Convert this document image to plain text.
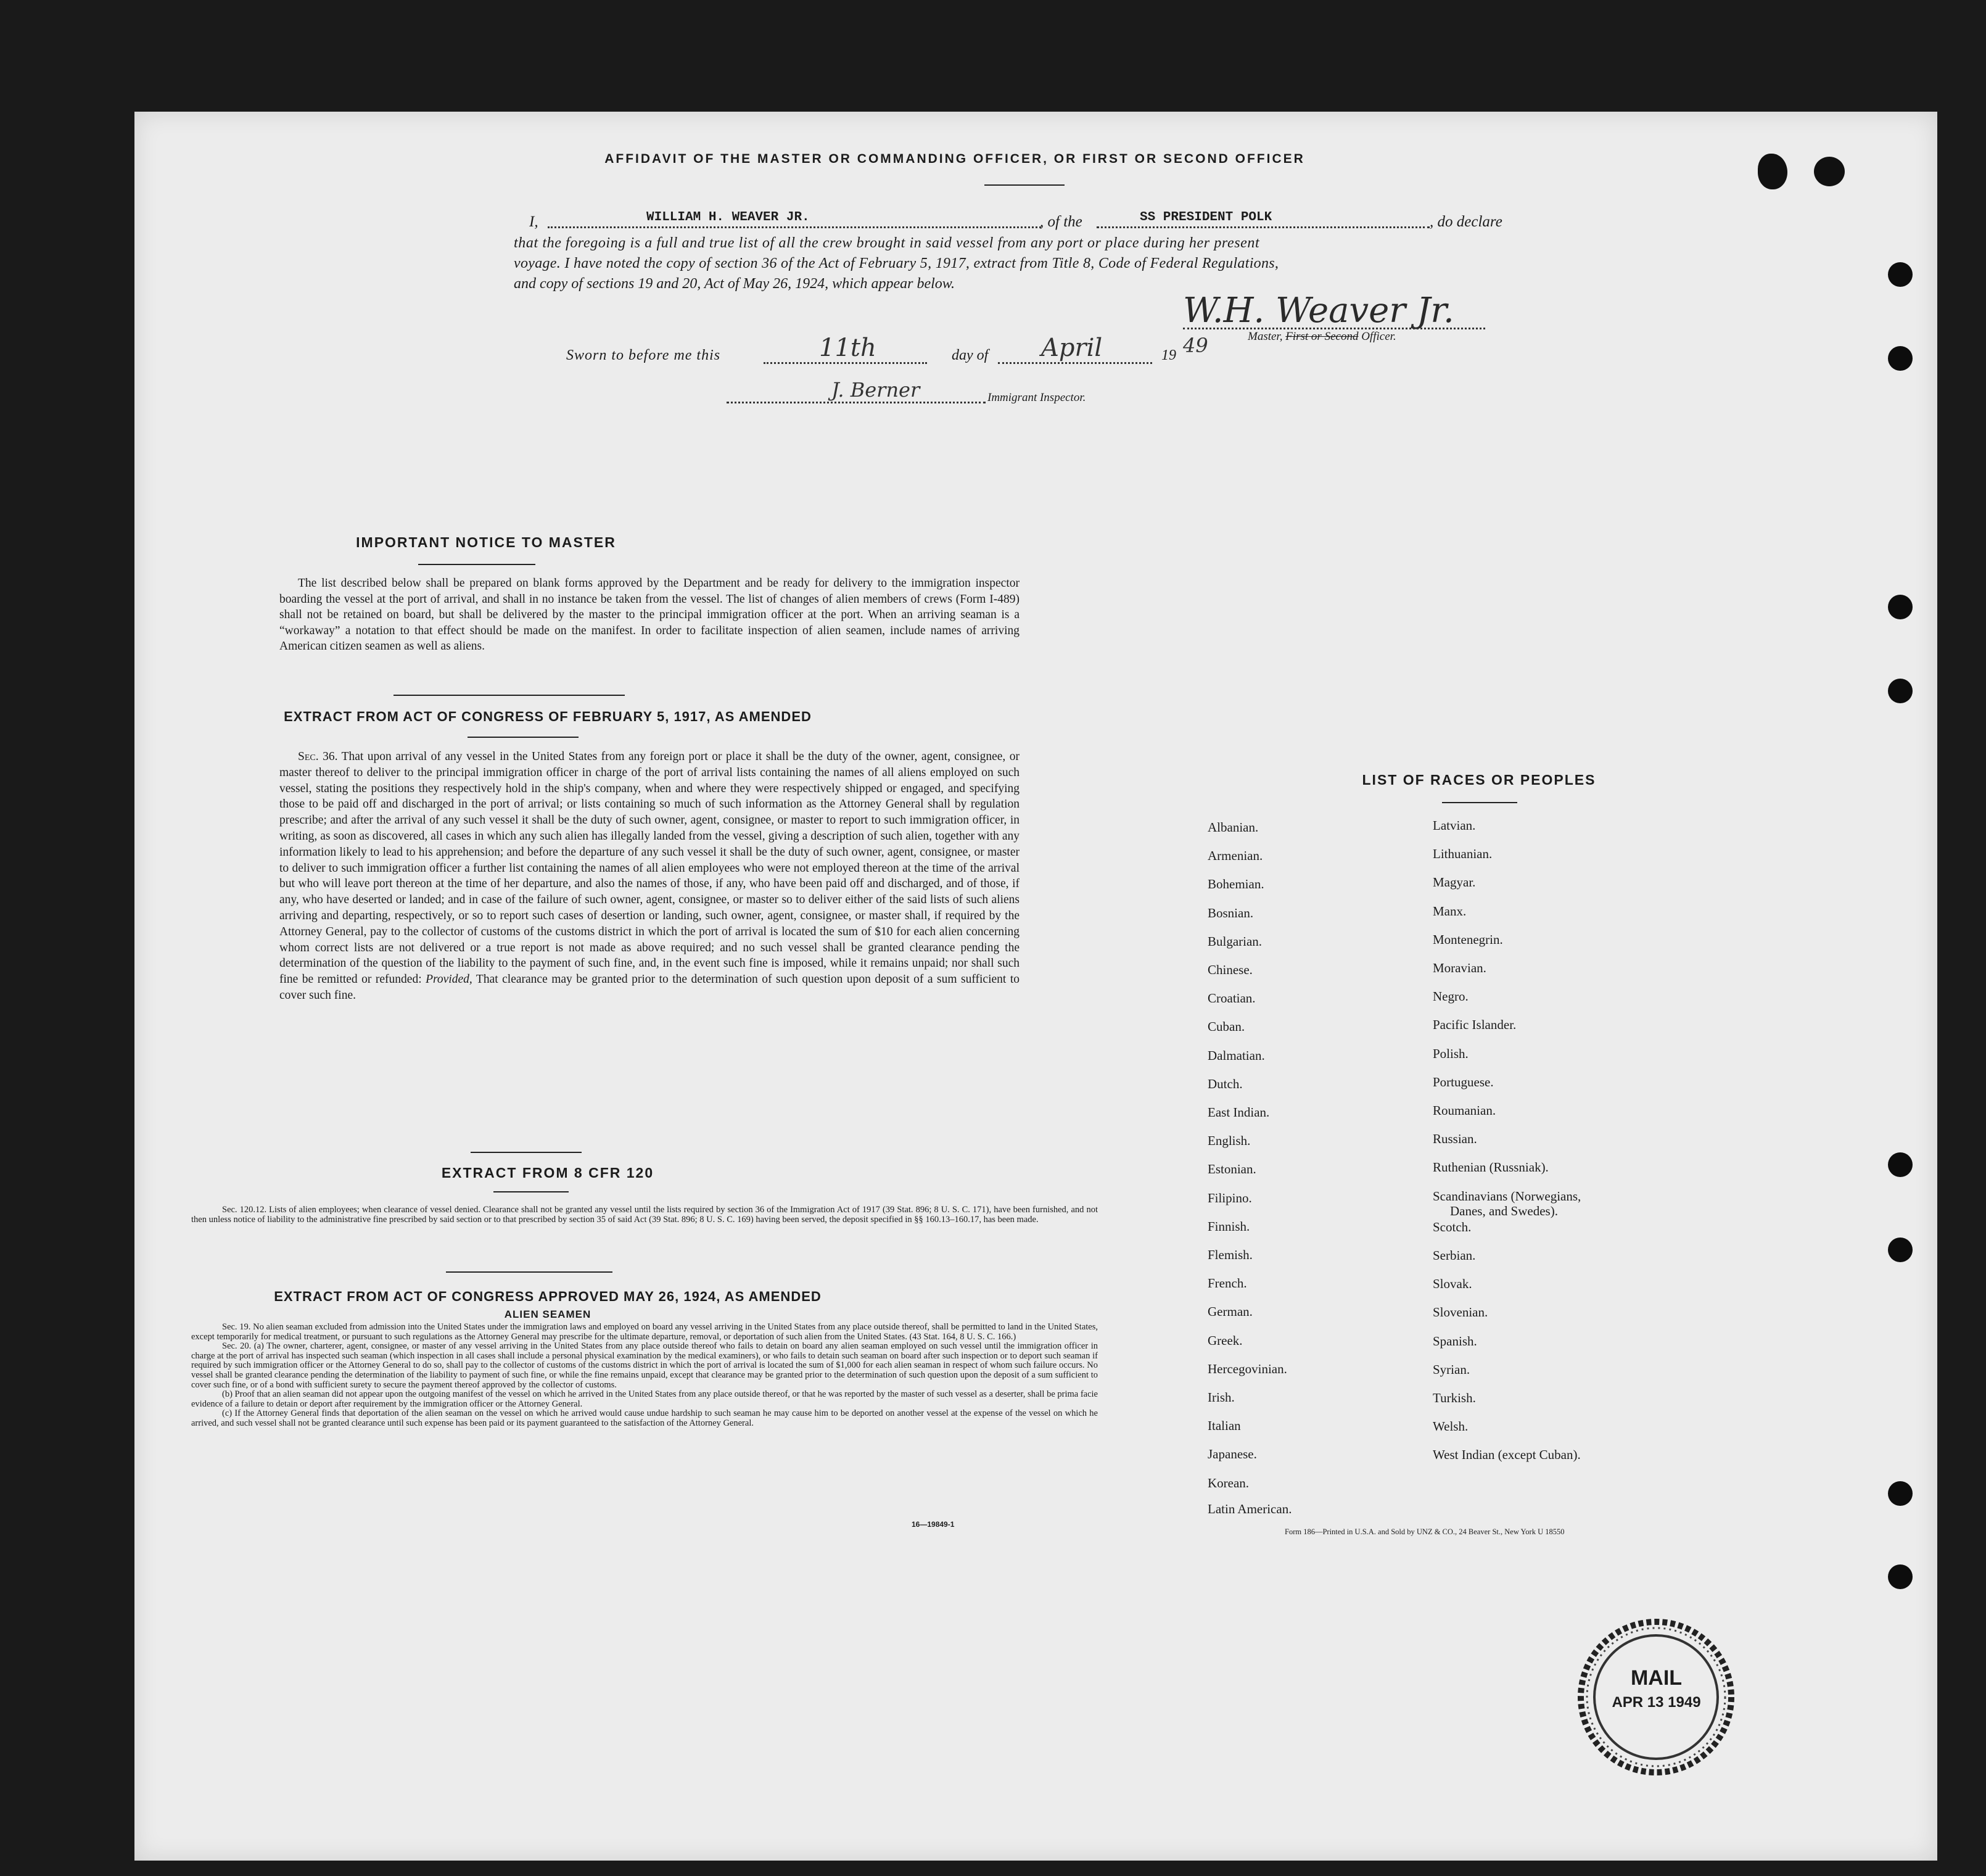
AFFIDAVIT OF THE MASTER OR COMMANDING OFFICER, OR FIRST OR SECOND OFFICER
I,	WILLIAM H. WEAVER JR.	, of the	SS PRESIDENT POLK	, do declare
that the foregoing is a full and true list of all the crew brought in said vessel from any port or place during her present
voyage. I have noted the copy of section 36 of the Act of February 5, 1917, extract from Title 8, Code of Federal Regulations,
and copy of sections 19 and 20, Act of May 26, 1924, which appear below.
W.H. Weaver Jr.
Master, First or Second Officer.
Sworn to before me this	11th	day of April	19 49
J. Berner	Immigrant Inspector.
IMPORTANT NOTICE TO MASTER
The list described below shall be prepared on blank forms approved by the Department and be ready for delivery to the immigration inspector boarding the vessel at the port of arrival, and shall in no instance be taken from the vessel. The list of changes of alien members of crews (Form I-489) shall not be retained on board, but shall be delivered by the master to the principal immigration officer at the port. When an arriving seaman is a “workaway” a notation to that effect should be made on the manifest. In order to facilitate inspection of alien seamen, include names of arriving American citizen seamen as well as aliens.
EXTRACT FROM ACT OF CONGRESS OF FEBRUARY 5, 1917, AS AMENDED
Sec. 36. That upon arrival of any vessel in the United States from any foreign port or place it shall be the duty of the owner, agent, consignee, or master thereof to deliver to the principal immigration officer in charge of the port of arrival lists containing the names of all aliens employed on such vessel, stating the positions they respectively hold in the ship's company, when and where they were respectively shipped or engaged, and specifying those to be paid off and discharged in the port of arrival; or lists containing so much of such information as the Attorney General shall by regulation prescribe; and after the arrival of any such vessel it shall be the duty of such owner, agent, consignee, or master to report to such immigration officer, in writing, as soon as discovered, all cases in which any such alien has illegally landed from the vessel, giving a description of such alien, together with any information likely to lead to his apprehension; and before the departure of any such vessel it shall be the duty of such owner, agent, consignee, or master to deliver to such immigration officer a further list containing the names of all alien employees who were not employed thereon at the time of the arrival but who will leave port thereon at the time of her departure, and also the names of those, if any, who have been paid off and discharged, and of those, if any, who have deserted or landed; and in case of the failure of such owner, agent, consignee, or master so to deliver either of the said lists of such aliens arriving and departing, respectively, or so to report such cases of desertion or landing, such owner, agent, consignee, or master shall, if required by the Attorney General, pay to the collector of customs of the customs district in which the port of arrival is located the sum of $10 for each alien concerning whom correct lists are not delivered or a true report is not made as above required; and no such vessel shall be granted clearance pending the determination of the question of the liability to the payment of such fine, and, in the event such fine is imposed, while it remains unpaid; nor shall such fine be remitted or refunded: Provided, That clearance may be granted prior to the determination of such question upon deposit of a sum sufficient to cover such fine.
EXTRACT FROM 8 CFR 120
Sec. 120.12. Lists of alien employees; when clearance of vessel denied. Clearance shall not be granted any vessel until the lists required by section 36 of the Immigration Act of 1917 (39 Stat. 896; 8 U. S. C. 171), have been furnished, and not then unless notice of liability to the administrative fine prescribed by said section or to that prescribed by section 35 of said Act (39 Stat. 896; 8 U. S. C. 169) having been served, the deposit specified in §§ 160.13–160.17, has been made.
EXTRACT FROM ACT OF CONGRESS APPROVED MAY 26, 1924, AS AMENDED
ALIEN SEAMEN
Sec. 19. No alien seaman excluded from admission into the United States under the immigration laws and employed on board any vessel arriving in the United States from any place outside thereof, shall be permitted to land in the United States, except temporarily for medical treatment, or pursuant to such regulations as the Attorney General may prescribe for the ultimate departure, removal, or deportation of such alien from the United States. (43 Stat. 164, 8 U. S. C. 166.)
Sec. 20. (a) The owner, charterer, agent, consignee, or master of any vessel arriving in the United States from any place outside thereof who fails to detain on board any alien seaman employed on such vessel until the immigration officer in charge at the port of arrival has inspected such seaman (which inspection in all cases shall include a personal physical examination by the medical examiners), or who fails to detain such seaman on board after such inspection or to deport such seaman if required by such immigration officer or the Attorney General to do so, shall pay to the collector of customs of the customs district in which the port of arrival is located the sum of $1,000 for each alien seaman in respect of whom such failure occurs. No vessel shall be granted clearance pending the determination of the liability to payment of such fine, or while the fine remains unpaid, except that clearance may be granted prior to the determination of such question upon the deposit of a sum sufficient to cover such fine, or of a bond with sufficient surety to secure the payment thereof approved by the collector of customs.
(b) Proof that an alien seaman did not appear upon the outgoing manifest of the vessel on which he arrived in the United States from any place outside thereof, or that he was reported by the master of such vessel as a deserter, shall be prima facie evidence of a failure to detain or deport after requirement by the immigration officer or the Attorney General.
(c) If the Attorney General finds that deportation of the alien seaman on the vessel on which he arrived would cause undue hardship to such seaman he may cause him to be deported on another vessel at the expense of the vessel on which he arrived, and such vessel shall not be granted clearance until such expense has been paid or its payment guaranteed to the satisfaction of the Attorney General.
16—19849-1
LIST OF RACES OR PEOPLES
Form 186—Printed in U.S.A. and Sold by UNZ & CO., 24 Beaver St., New York U 18550
MAIL
APR 13 1949
Albanian.
Armenian.
Bohemian.
Bosnian.
Bulgarian.
Chinese.
Croatian.
Cuban.
Dalmatian.
Dutch.
East Indian.
English.
Estonian.
Filipino.
Finnish.
Flemish.
French.
German.
Greek.
Hercegovinian.
Irish.
Italian
Japanese.
Korean.
Latin American.
Latvian.
Lithuanian.
Magyar.
Manx.
Montenegrin.
Moravian.
Negro.
Pacific Islander.
Polish.
Portuguese.
Roumanian.
Russian.
Ruthenian (Russniak).
Scandinavians (Norwegians,
Danes, and Swedes).
Scotch.
Serbian.
Slovak.
Slovenian.
Spanish.
Syrian.
Turkish.
Welsh.
West Indian (except Cuban).
